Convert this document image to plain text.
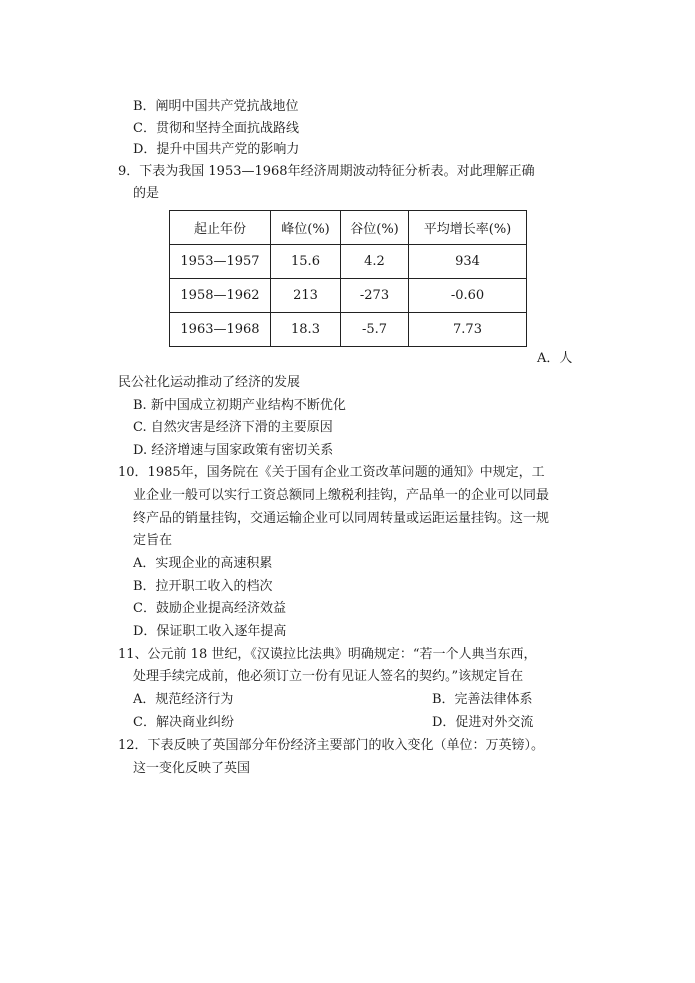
B．阐明中国共产党抗战地位
C．贯彻和坚持全面抗战路线
D．提升中国共产党的影响力
9．下表为我国 1953—1968年经济周期波动特征分析表。对此理解正确
的是
起止年份	峰位(%)	谷位(%)	平均增长率(%)
1953—1957	15.6	4.2	934
1958—1962	213	-273	-0.60
1963—1968	18.3	-5.7	7.73
A．人
民公社化运动推动了经济的发展
B. 新中国成立初期产业结构不断优化
C. 自然灾害是经济下滑的主要原因
D. 经济增速与国家政策有密切关系
10．1985年，国务院在《关于国有企业工资改革问题的通知》中规定，工
业企业一般可以实行工资总额同上缴税利挂钩，产品单一的企业可以同最
终产品的销量挂钩，交通运输企业可以同周转量或运距运量挂钩。这一规
定旨在
A．实现企业的高速积累
B．拉开职工收入的档次
C．鼓励企业提高经济效益
D．保证职工收入逐年提高
11、公元前 18 世纪，《汉谟拉比法典》明确规定：“若一个人典当东西，
处理手续完成前，他必须订立一份有见证人签名的契约。”该规定旨在
A．规范经济行为	B．完善法律体系
C．解决商业纠纷	D．促进对外交流
12．下表反映了英国部分年份经济主要部门的收入变化（单位：万英镑）。
这一变化反映了英国
